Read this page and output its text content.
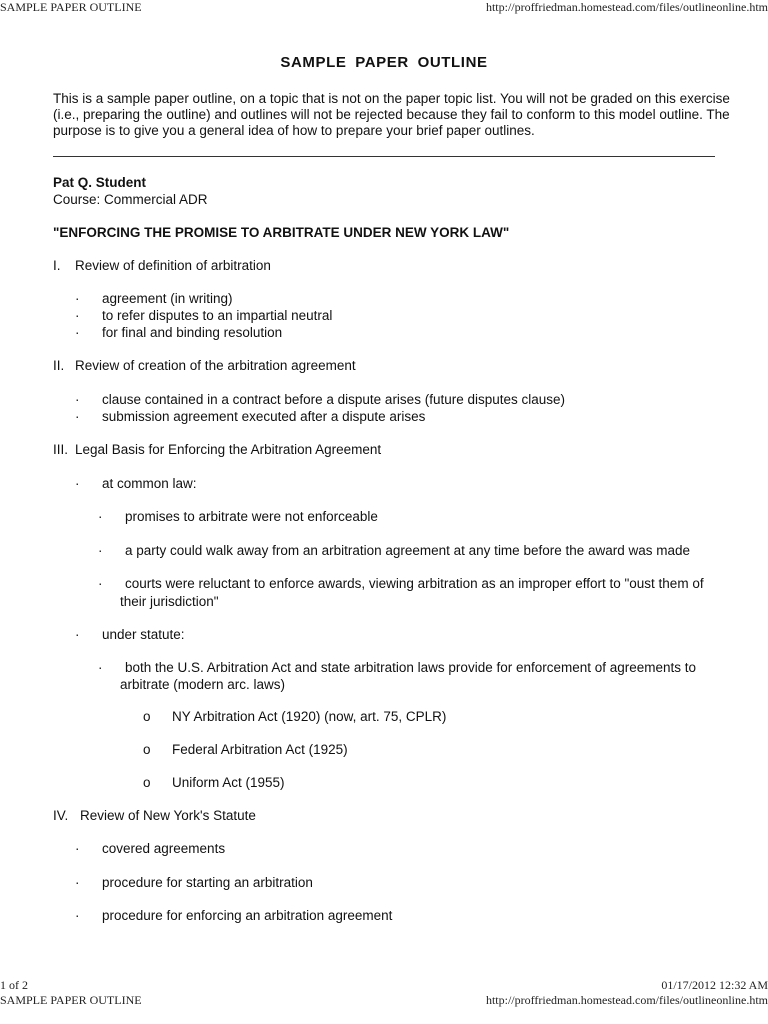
SAMPLE PAPER OUTLINE	http://proffriedman.homestead.com/files/outlineonline.htm
SAMPLE PAPER OUTLINE
This is a sample paper outline, on a topic that is not on the paper topic list. You will not be graded on this exercise (i.e., preparing the outline) and outlines will not be rejected because they fail to conform to this model outline. The purpose is to give you a general idea of how to prepare your brief paper outlines.
Pat Q. Student
Course: Commercial ADR
"ENFORCING THE PROMISE TO ARBITRATE UNDER NEW YORK LAW"
I. Review of definition of arbitration
· agreement (in writing)
· to refer disputes to an impartial neutral
· for final and binding resolution
II. Review of creation of the arbitration agreement
· clause contained in a contract before a dispute arises (future disputes clause)
· submission agreement executed after a dispute arises
III. Legal Basis for Enforcing the Arbitration Agreement
· at common law:
· promises to arbitrate were not enforceable
· a party could walk away from an arbitration agreement at any time before the award was made
· courts were reluctant to enforce awards, viewing arbitration as an improper effort to "oust them of
their jurisdiction"
· under statute:
· both the U.S. Arbitration Act and state arbitration laws provide for enforcement of agreements to
arbitrate (modern arc. laws)
o NY Arbitration Act (1920) (now, art. 75, CPLR)
o Federal Arbitration Act (1925)
o Uniform Act (1955)
IV. Review of New York's Statute
· covered agreements
· procedure for starting an arbitration
· procedure for enforcing an arbitration agreement
1 of 2	01/17/2012 12:32 AM
SAMPLE PAPER OUTLINE	http://proffriedman.homestead.com/files/outlineonline.htm
